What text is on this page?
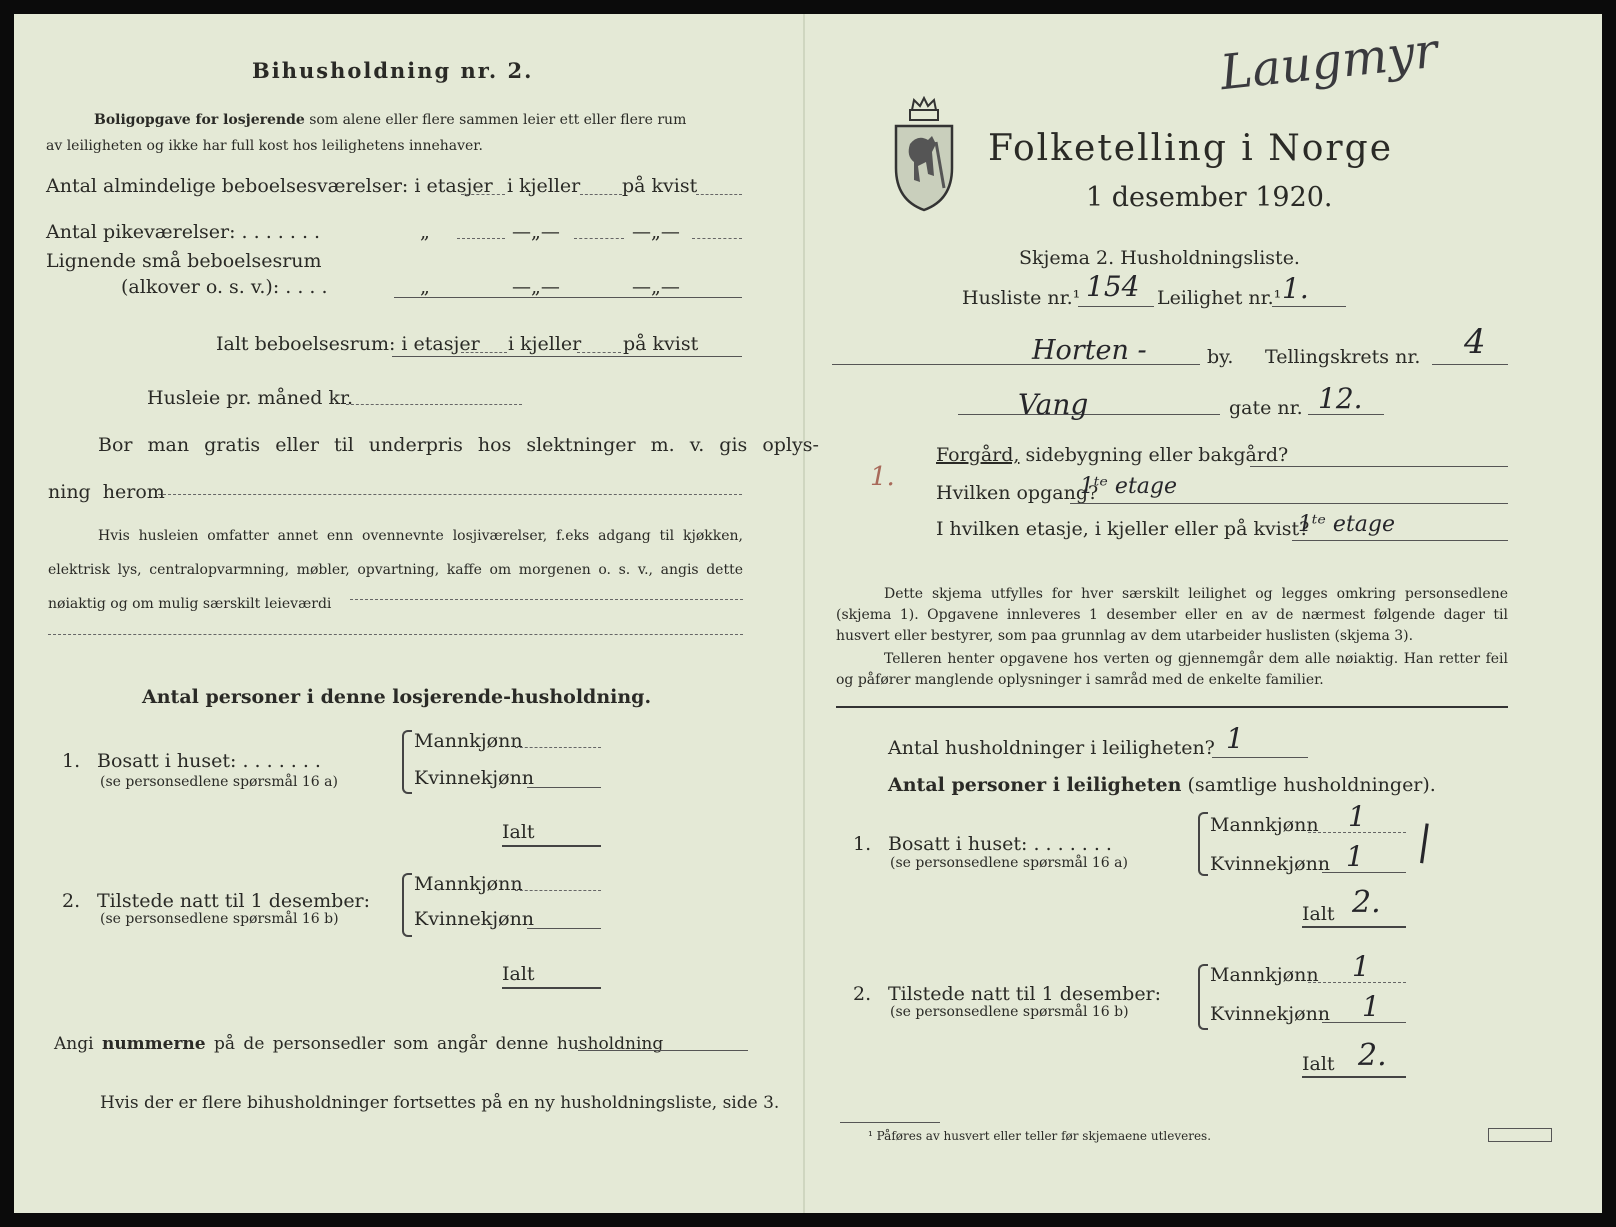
Bihusholdning nr. 2.
Boligopgave for losjerende som alene eller flere sammen leier ett eller flere rum
av leiligheten og ikke har full kost hos leilighetens innehaver.
Antal almindelige beboelsesværelser: i etasjer i kjeller på kvist
Antal pikeværelser: . . . . . . .	„	—„—	—„—
Lignende små beboelsesrum
(alkover o. s. v.): . . . .	„	—„—	—„—
Ialt beboelsesrum: i etasjer i kjeller på kvist
Husleie pr. måned kr.
Bor man gratis eller til underpris hos slektninger m. v. gis oplys-
ning herom
Hvis husleien omfatter annet enn ovennevnte losjiværelser, f.eks adgang til kjøkken, elektrisk lys, centralopvarmning, møbler, opvartning, kaffe om morgenen o. s. v., angis dette nøiaktig og om mulig særskilt leieværdi
Antal personer i denne losjerende-husholdning.
1. Bosatt i huset: . . . . . . .
(se personsedlene spørsmål 16 a)
Mannkjønn
Kvinnekjønn
Ialt
2. Tilstede natt til 1 desember:
(se personsedlene spørsmål 16 b)
Mannkjønn
Kvinnekjønn
Ialt
Angi nummerne på de personsedler som angår denne husholdning
Hvis der er flere bihusholdninger fortsettes på en ny husholdningsliste, side 3.
Folketelling i Norge
1 desember 1920.
Laugmyr
Skjema 2. Husholdningsliste.
Husliste nr.¹ 154 Leilighet nr.¹ 1.
Horten -	by. Tellingskrets nr. 4
Vang	gate nr. 12.
1.
Forgård, sidebygning eller bakgård?
Hvilken opgang?
1ᵗᵉ etage
I hvilken etasje, i kjeller eller på kvist?
1ᵗᵉ etage
Dette skjema utfylles for hver særskilt leilighet og legges omkring personsedlene (skjema 1). Opgavene innleveres 1 desember eller en av de nærmest følgende dager til husvert eller bestyrer, som paa grunnlag av dem utarbeider huslisten (skjema 3).
Telleren henter opgavene hos verten og gjennemgår dem alle nøiaktig. Han retter feil og påfører manglende oplysninger i samråd med de enkelte familier.
Antal husholdninger i leiligheten? 1
Antal personer i leiligheten (samtlige husholdninger).
1. Bosatt i huset: . . . . . . .
(se personsedlene spørsmål 16 a)
Mannkjønn 1
Kvinnekjønn 1 |
Ialt 2.
2. Tilstede natt til 1 desember:
(se personsedlene spørsmål 16 b)
Mannkjønn 1
Kvinnekjønn 1
Ialt 2.
¹ Påføres av husvert eller teller før skjemaene utleveres.
